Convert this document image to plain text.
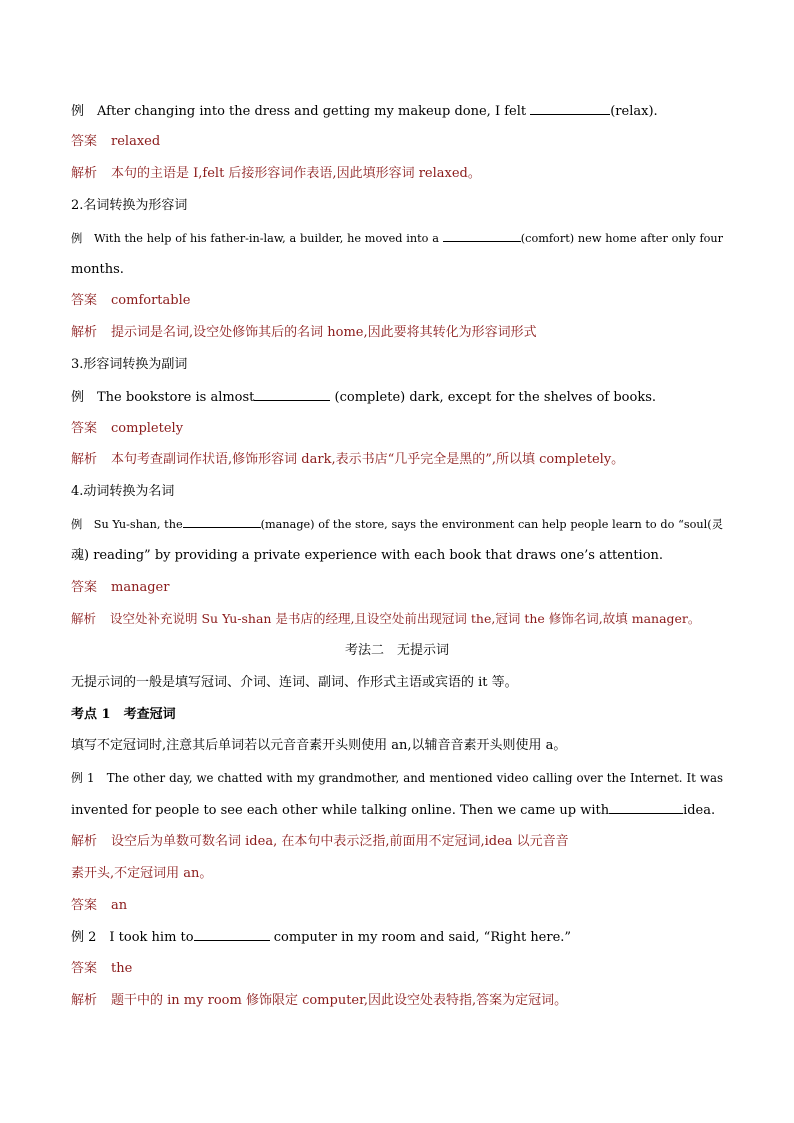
例　After changing into the dress and getting my makeup done, I felt	(relax).
答案 relaxed
解析 本句的主语是 I,felt 后接形容词作表语,因此填形容词 relaxed。
2.名词转换为形容词
例　With the help of his father-in-law, a builder, he moved into a	(comfort) new home after only four
months.
答案 comfortable
解析 提示词是名词,设空处修饰其后的名词 home,因此要将其转化为形容词形式
3.形容词转换为副词
例　The bookstore is almost	(complete) dark, except for the shelves of books.
答案 completely
解析 本句考查副词作状语,修饰形容词 dark,表示书店“几乎完全是黑的”,所以填 completely。
4.动词转换为名词
例　Su Yu-shan, the	(manage) of the store, says the environment can help people learn to do “soul(灵
魂) reading” by providing a private experience with each book that draws one’s attention.
答案 manager
解析 设空处补充说明 Su Yu-shan 是书店的经理,且设空处前出现冠词 the,冠词 the 修饰名词,故填 manager。
考法二　无提示词
无提示词的一般是填写冠词、介词、连词、副词、作形式主语或宾语的 it 等。
考点 1　考查冠词
填写不定冠词时,注意其后单词若以元音音素开头则使用 an,以辅音音素开头则使用 a。
例 1　The other day, we chatted with my grandmother, and mentioned video calling over the Internet. It was
invented for people to see each other while talking online. Then we came up with	idea.
解析 设空后为单数可数名词 idea, 在本句中表示泛指,前面用不定冠词,idea 以元音音
素开头,不定冠词用 an。
答案 an
例 2　I took him to	computer in my room and said, “Right here.”
答案 the
解析 题干中的 in my room 修饰限定 computer,因此设空处表特指,答案为定冠词。
